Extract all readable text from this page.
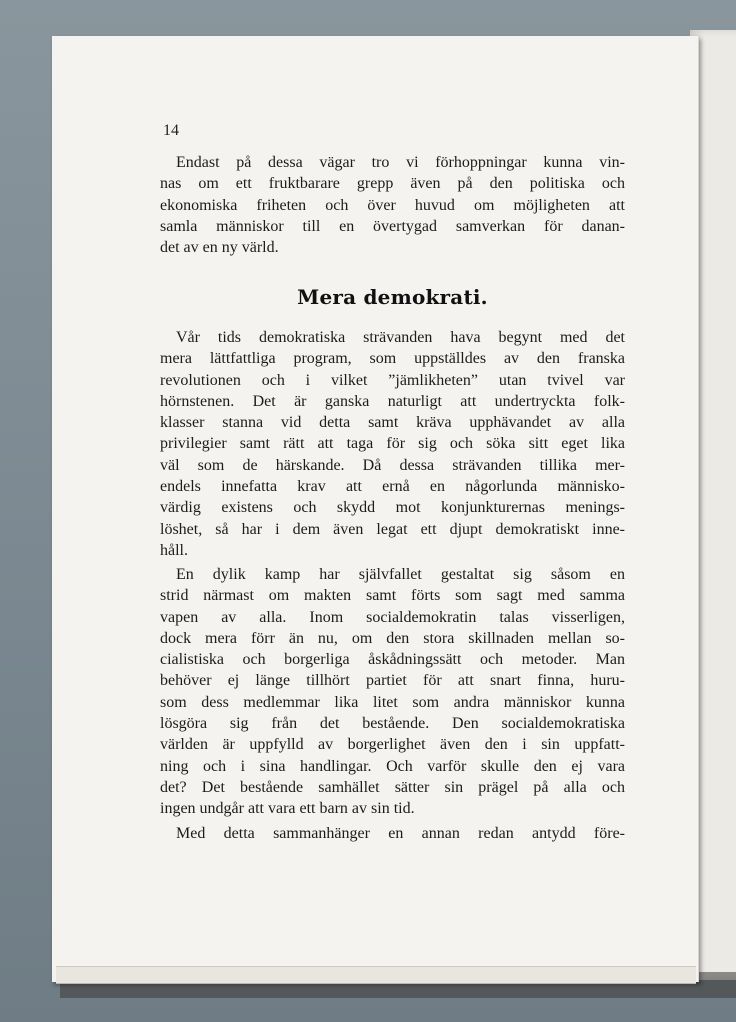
14
Endast på dessa vägar tro vi förhoppningar kunna vin-
nas om ett fruktbarare grepp även på den politiska och
ekonomiska friheten och över huvud om möjligheten att
samla människor till en övertygad samverkan för danan-
det av en ny värld.
Mera demokrati.
Vår tids demokratiska strävanden hava begynt med det
mera lättfattliga program, som uppställdes av den franska
revolutionen och i vilket ”jämlikheten” utan tvivel var
hörnstenen. Det är ganska naturligt att undertryckta folk-
klasser stanna vid detta samt kräva upphävandet av alla
privilegier samt rätt att taga för sig och söka sitt eget lika
väl som de härskande. Då dessa strävanden tillika mer-
endels innefatta krav att ernå en någorlunda människo-
värdig existens och skydd mot konjunkturernas menings-
löshet, så har i dem även legat ett djupt demokratiskt inne-
håll.
En dylik kamp har självfallet gestaltat sig såsom en
strid närmast om makten samt förts som sagt med samma
vapen av alla. Inom socialdemokratin talas visserligen,
dock mera förr än nu, om den stora skillnaden mellan so-
cialistiska och borgerliga åskådningssätt och metoder. Man
behöver ej länge tillhört partiet för att snart finna, huru-
som dess medlemmar lika litet som andra människor kunna
lösgöra sig från det bestående. Den socialdemokratiska
världen är uppfylld av borgerlighet även den i sin uppfatt-
ning och i sina handlingar. Och varför skulle den ej vara
det? Det bestående samhället sätter sin prägel på alla och
ingen undgår att vara ett barn av sin tid.
Med detta sammanhänger en annan redan antydd före-
